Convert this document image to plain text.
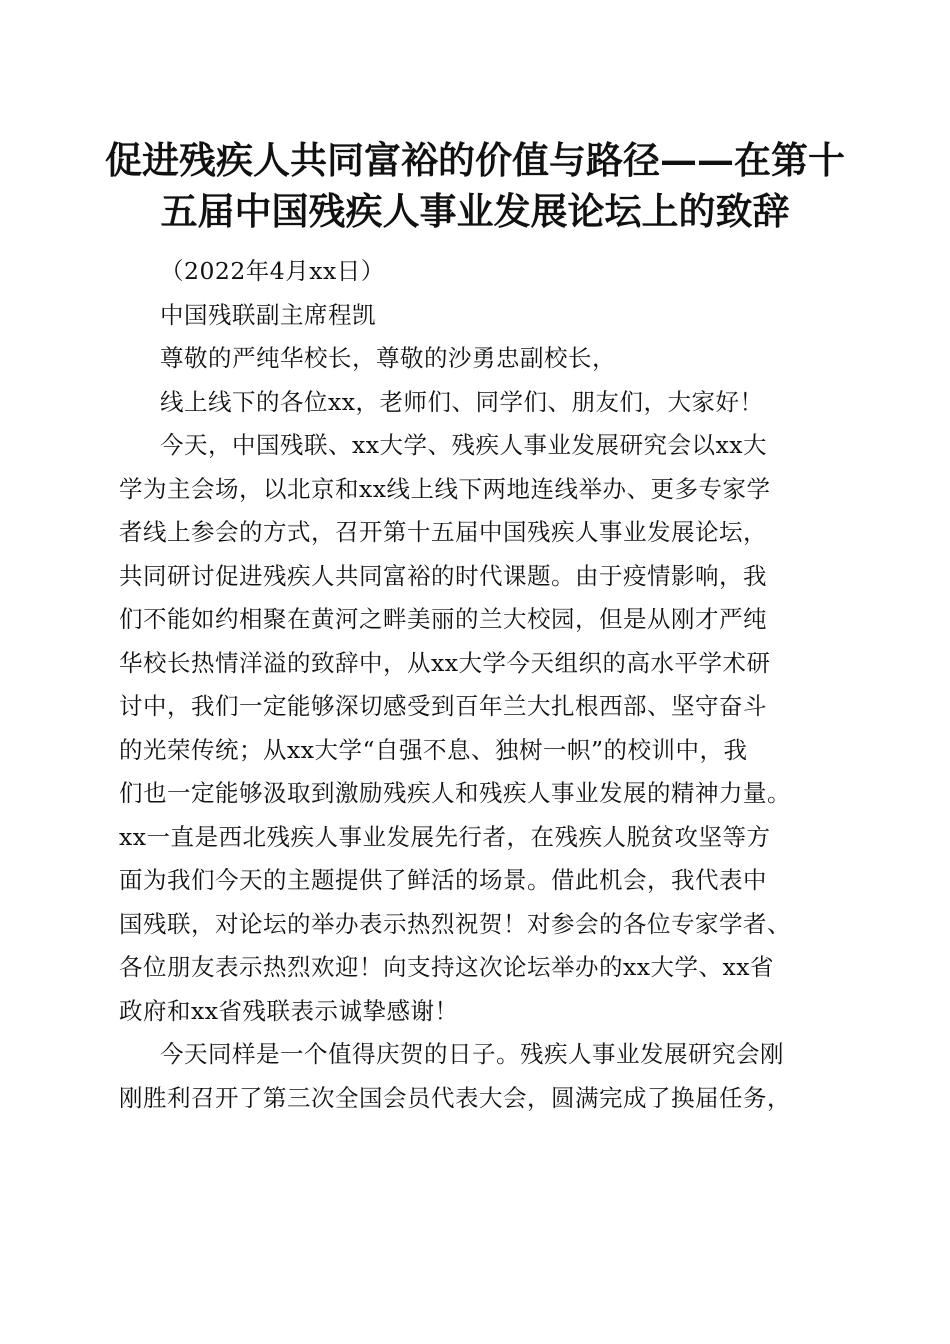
促进残疾人共同富裕的价值与路径——在第十
五届中国残疾人事业发展论坛上的致辞

（2022年4月xx日）

中国残联副主席程凯

尊敬的严纯华校长，尊敬的沙勇忠副校长，

线上线下的各位xx，老师们、同学们、朋友们，大家好！

今天，中国残联、xx大学、残疾人事业发展研究会以xx大
学为主会场，以北京和xx线上线下两地连线举办、更多专家学
者线上参会的方式，召开第十五届中国残疾人事业发展论坛，
共同研讨促进残疾人共同富裕的时代课题。由于疫情影响，我
们不能如约相聚在黄河之畔美丽的兰大校园，但是从刚才严纯
华校长热情洋溢的致辞中，从xx大学今天组织的高水平学术研
讨中，我们一定能够深切感受到百年兰大扎根西部、坚守奋斗
的光荣传统；从xx大学“自强不息、独树一帜”的校训中，我
们也一定能够汲取到激励残疾人和残疾人事业发展的精神力量。
xx一直是西北残疾人事业发展先行者，在残疾人脱贫攻坚等方
面为我们今天的主题提供了鲜活的场景。借此机会，我代表中
国残联，对论坛的举办表示热烈祝贺！对参会的各位专家学者、
各位朋友表示热烈欢迎！向支持这次论坛举办的xx大学、xx省
政府和xx省残联表示诚挚感谢！

今天同样是一个值得庆贺的日子。残疾人事业发展研究会刚
刚胜利召开了第三次全国会员代表大会，圆满完成了换届任务，
